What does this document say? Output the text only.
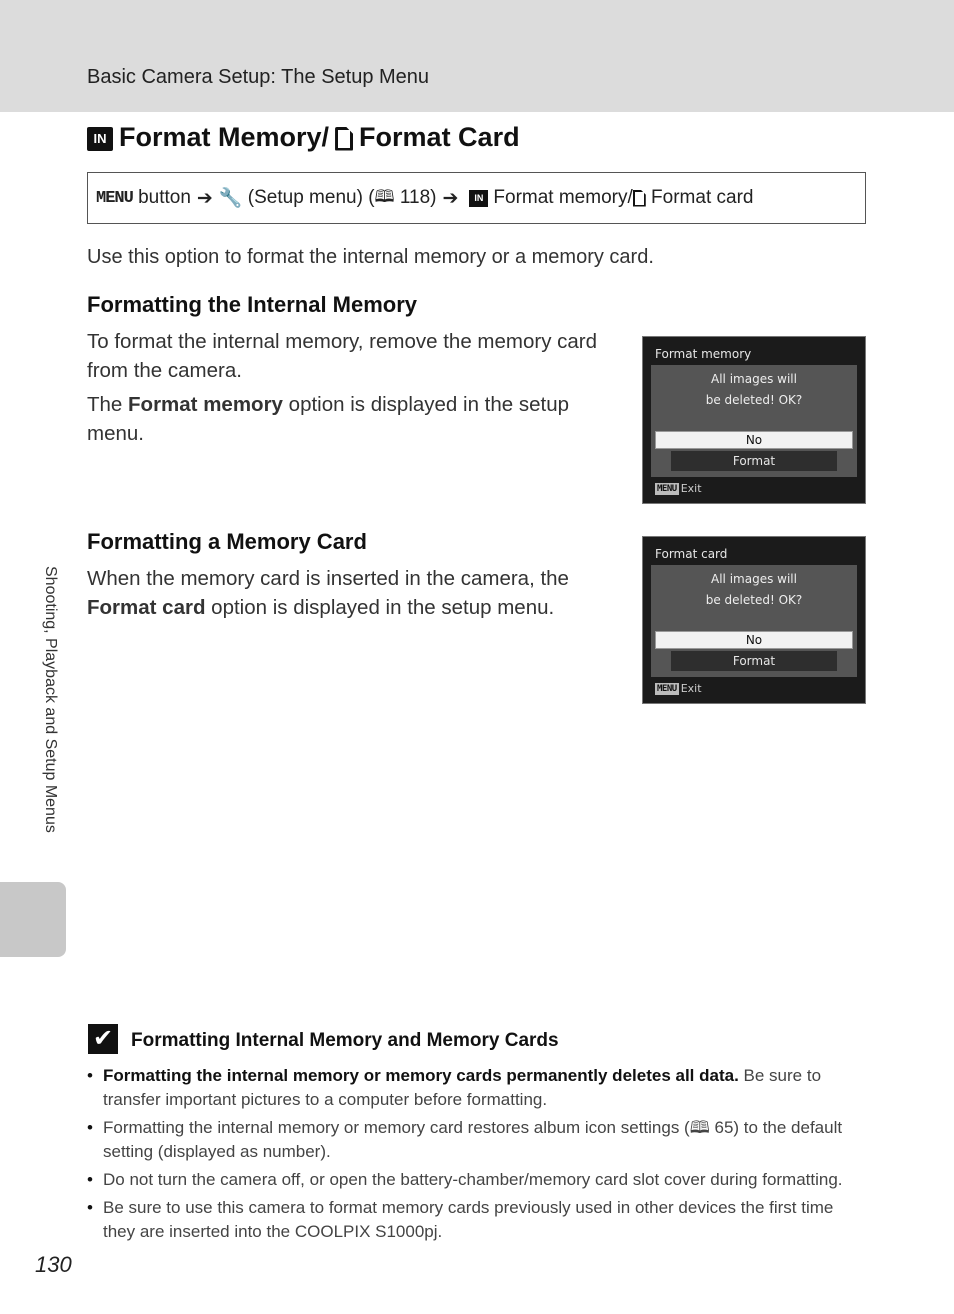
Basic Camera Setup: The Setup Menu
IN Format Memory/ Format Card
MENU
button ➔ 🔧
(Setup menu) ( 🕮
118) ➔	IN Format memory/
Format card
Use this option to format the internal memory or a memory card.
Formatting the Internal Memory

To format the internal memory, remove the memory card from the camera.

The Format memory option is displayed in the setup menu.

Format memory
All images will
be deleted! OK?
No
Format
MENU Exit
Formatting a Memory Card

When the memory card is inserted in the camera, the Format card option is displayed in the setup menu.

Format card
All images will
be deleted! OK?
No
Format
MENU Exit
Shooting, Playback and Setup Menus
✔ Formatting Internal Memory and Memory Cards
• Formatting the internal memory or memory cards permanently deletes all data. Be sure to transfer important pictures to a computer before formatting.
• Formatting the internal memory or memory card restores album icon settings (🕮 65) to the default setting (displayed as number).
• Do not turn the camera off, or open the battery-chamber/memory card slot cover during formatting.
• Be sure to use this camera to format memory cards previously used in other devices the first time they are inserted into the COOLPIX S1000pj.
130
